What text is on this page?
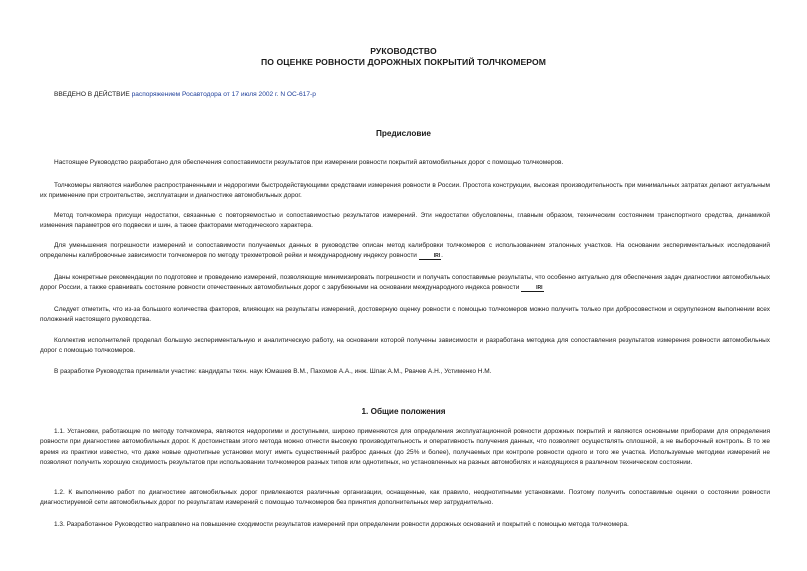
РУКОВОДСТВО
ПО ОЦЕНКЕ РОВНОСТИ ДОРОЖНЫХ ПОКРЫТИЙ ТОЛЧКОМЕРОМ
ВВЕДЕНО В ДЕЙСТВИЕ распоряжением Росавтодора от 17 июля 2002 г. N ОС-617-р
Предисловие

Настоящее Руководство разработано для обеспечения сопоставимости результатов при измерении ровности покрытий автомобильных дорог с помощью толчкомеров.

Толчкомеры являются наиболее распространенными и недорогими быстродействующими средствами измерения ровности в России. Простота конструкции, высокая производительность при минимальных затратах делают актуальным их применение при строительстве, эксплуатации и диагностике автомобильных дорог.

Метод толчкомера присущи недостатки, связанные с повторяемостью и сопоставимостью результатов измерений. Эти недостатки обусловлены, главным образом, техническим состоянием транспортного средства, динамикой изменения параметров его подвески и шин, а также факторами методического характера.

Для уменьшения погрешности измерений и сопоставимости получаемых данных в руководстве описан метод калибровки толчкомеров с использованием эталонных участков. На основании экспериментальных исследований определены калибровочные зависимости толчкомеров по методу трехметровой рейки и международному индексу ровности	IRI.

Даны конкретные рекомендации по подготовке и проведению измерений, позволяющие минимизировать погрешности и получать сопоставимые результаты, что особенно актуально для обеспечения задач диагностики автомобильных дорог России, а также сравнивать состояние ровности отечественных автомобильных дорог с зарубежными на основании международного индекса ровности	IRI

Следует отметить, что из-за большого количества факторов, влияющих на результаты измерений, достоверную оценку ровности с помощью толчкомеров можно получить только при добросовестном и скрупулезном выполнении всех положений настоящего руководства.

Коллектив исполнителей проделал большую экспериментальную и аналитическую работу, на основании которой получены зависимости и разработана методика для сопоставления результатов измерения ровности автомобильных дорог с помощью толчкомеров.

В разработке Руководства принимали участие: кандидаты техн. наук Юмашев В.М., Пахомов А.А., инж. Шпак А.М., Рвачев А.Н., Устименко Н.М.

1. Общие положения

1.1. Установки, работающие по методу толчкомера, являются недорогими и доступными, широко применяются для определения эксплуатационной ровности дорожных покрытий и являются основными приборами для определения ровности при диагностике автомобильных дорог. К достоинствам этого метода можно отнести высокую производительность и оперативность получения данных, что позволяет осуществлять сплошной, а не выборочный контроль. В то же время из практики известно, что даже новые однотипные установки могут иметь существенный разброс данных (до 25% и более), получаемых при контроле ровности одного и того же участка. Используемые методики измерений не позволяют получить хорошую сходимость результатов при использовании толчкомеров разных типов или однотипных, но установленных на разных автомобилях и находящихся в различном техническом состоянии.

1.2. К выполнению работ по диагностике автомобильных дорог привлекаются различные организации, оснащенные, как правило, неоднотипными установками. Поэтому получить сопоставимые оценки о состоянии ровности диагностируемой сети автомобильных дорог по результатам измерений с помощью толчкомеров без принятия дополнительных мер затруднительно.

1.3. Разработанное Руководство направлено на повышение сходимости результатов измерений при определении ровности дорожных оснований и покрытий с помощью метода толчкомера.
